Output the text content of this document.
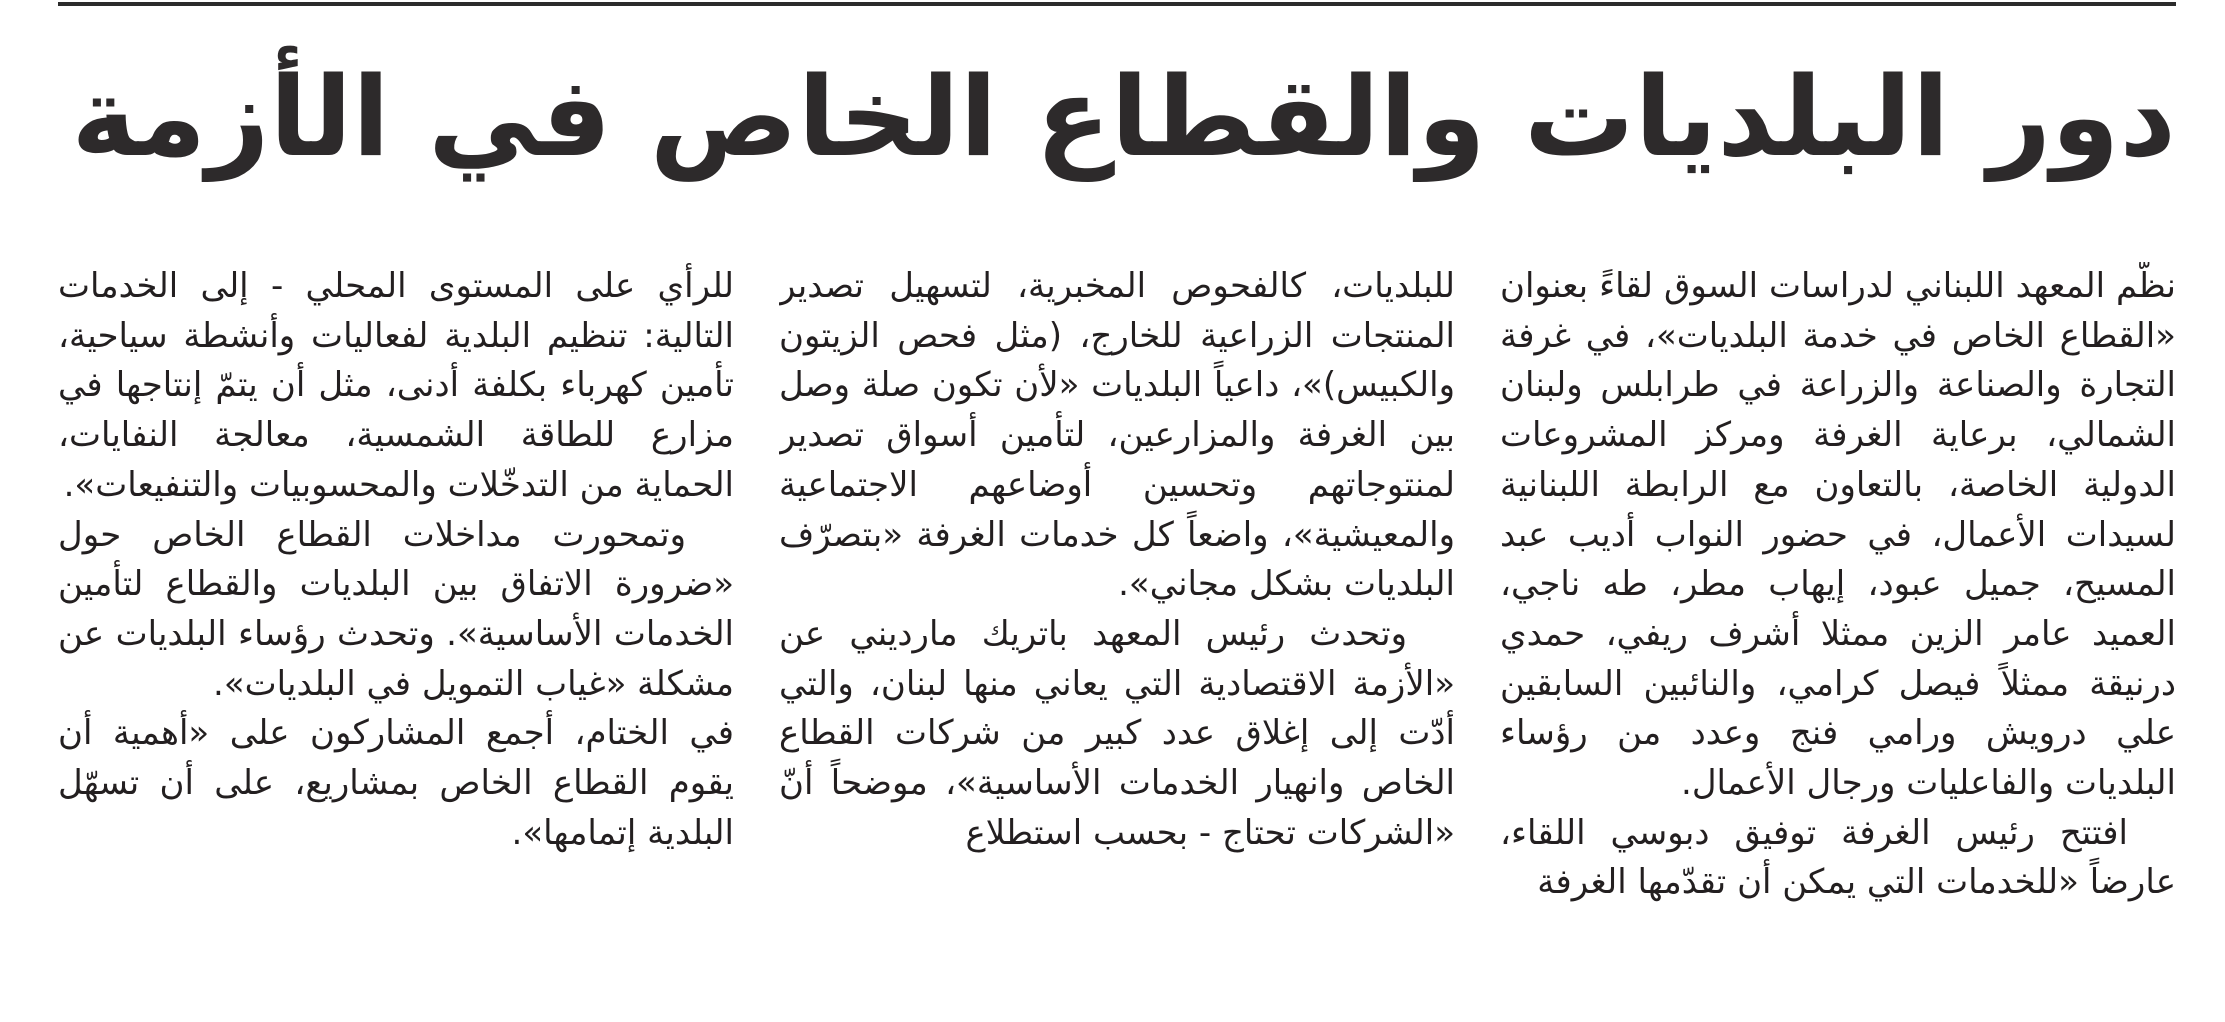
دور البلديات والقطاع الخاص في الأزمة

نظّم المعهد اللبناني لدراسات السوق لقاءً بعنوان «القطاع الخاص في خدمة البلديات»، في غرفة التجارة والصناعة والزراعة في طرابلس ولبنان الشمالي، برعاية الغرفة ومركز المشروعات الدولية الخاصة، بالتعاون مع الرابطة اللبنانية لسيدات الأعمال، في حضور النواب أديب عبد المسيح، جميل عبود، إيهاب مطر، طه ناجي، العميد عامر الزين ممثلا أشرف ريفي، حمدي درنيقة ممثلاً فيصل كرامي، والنائبين السابقين علي درويش ورامي فنج وعدد من رؤساء البلديات والفاعليات ورجال الأعمال.

افتتح رئيس الغرفة توفيق دبوسي اللقاء، عارضاً «للخدمات التي يمكن أن تقدّمها الغرفة

للبلديات، كالفحوص المخبرية، لتسهيل تصدير المنتجات الزراعية للخارج، (مثل فحص الزيتون والكبيس)»، داعياً البلديات «لأن تكون صلة وصل بين الغرفة والمزارعين، لتأمين أسواق تصدير لمنتوجاتهم وتحسين أوضاعهم الاجتماعية والمعيشية»، واضعاً كل خدمات الغرفة «بتصرّف البلديات بشكل مجاني».

وتحدث رئيس المعهد باتريك مارديني عن «الأزمة الاقتصادية التي يعاني منها لبنان، والتي أدّت إلى إغلاق عدد كبير من شركات القطاع الخاص وانهيار الخدمات الأساسية»، موضحاً أنّ «الشركات تحتاج - بحسب استطلاع

للرأي على المستوى المحلي - إلى الخدمات التالية: تنظيم البلدية لفعاليات وأنشطة سياحية، تأمين كهرباء بكلفة أدنى، مثل أن يتمّ إنتاجها في مزارع للطاقة الشمسية، معالجة النفايات، الحماية من التدخّلات والمحسوبيات والتنفيعات».

وتمحورت مداخلات القطاع الخاص حول «ضرورة الاتفاق بين البلديات والقطاع لتأمين الخدمات الأساسية». وتحدث رؤساء البلديات عن مشكلة «غياب التمويل في البلديات».

في الختام، أجمع المشاركون على «أهمية أن يقوم القطاع الخاص بمشاريع، على أن تسهّل البلدية إتمامها».
